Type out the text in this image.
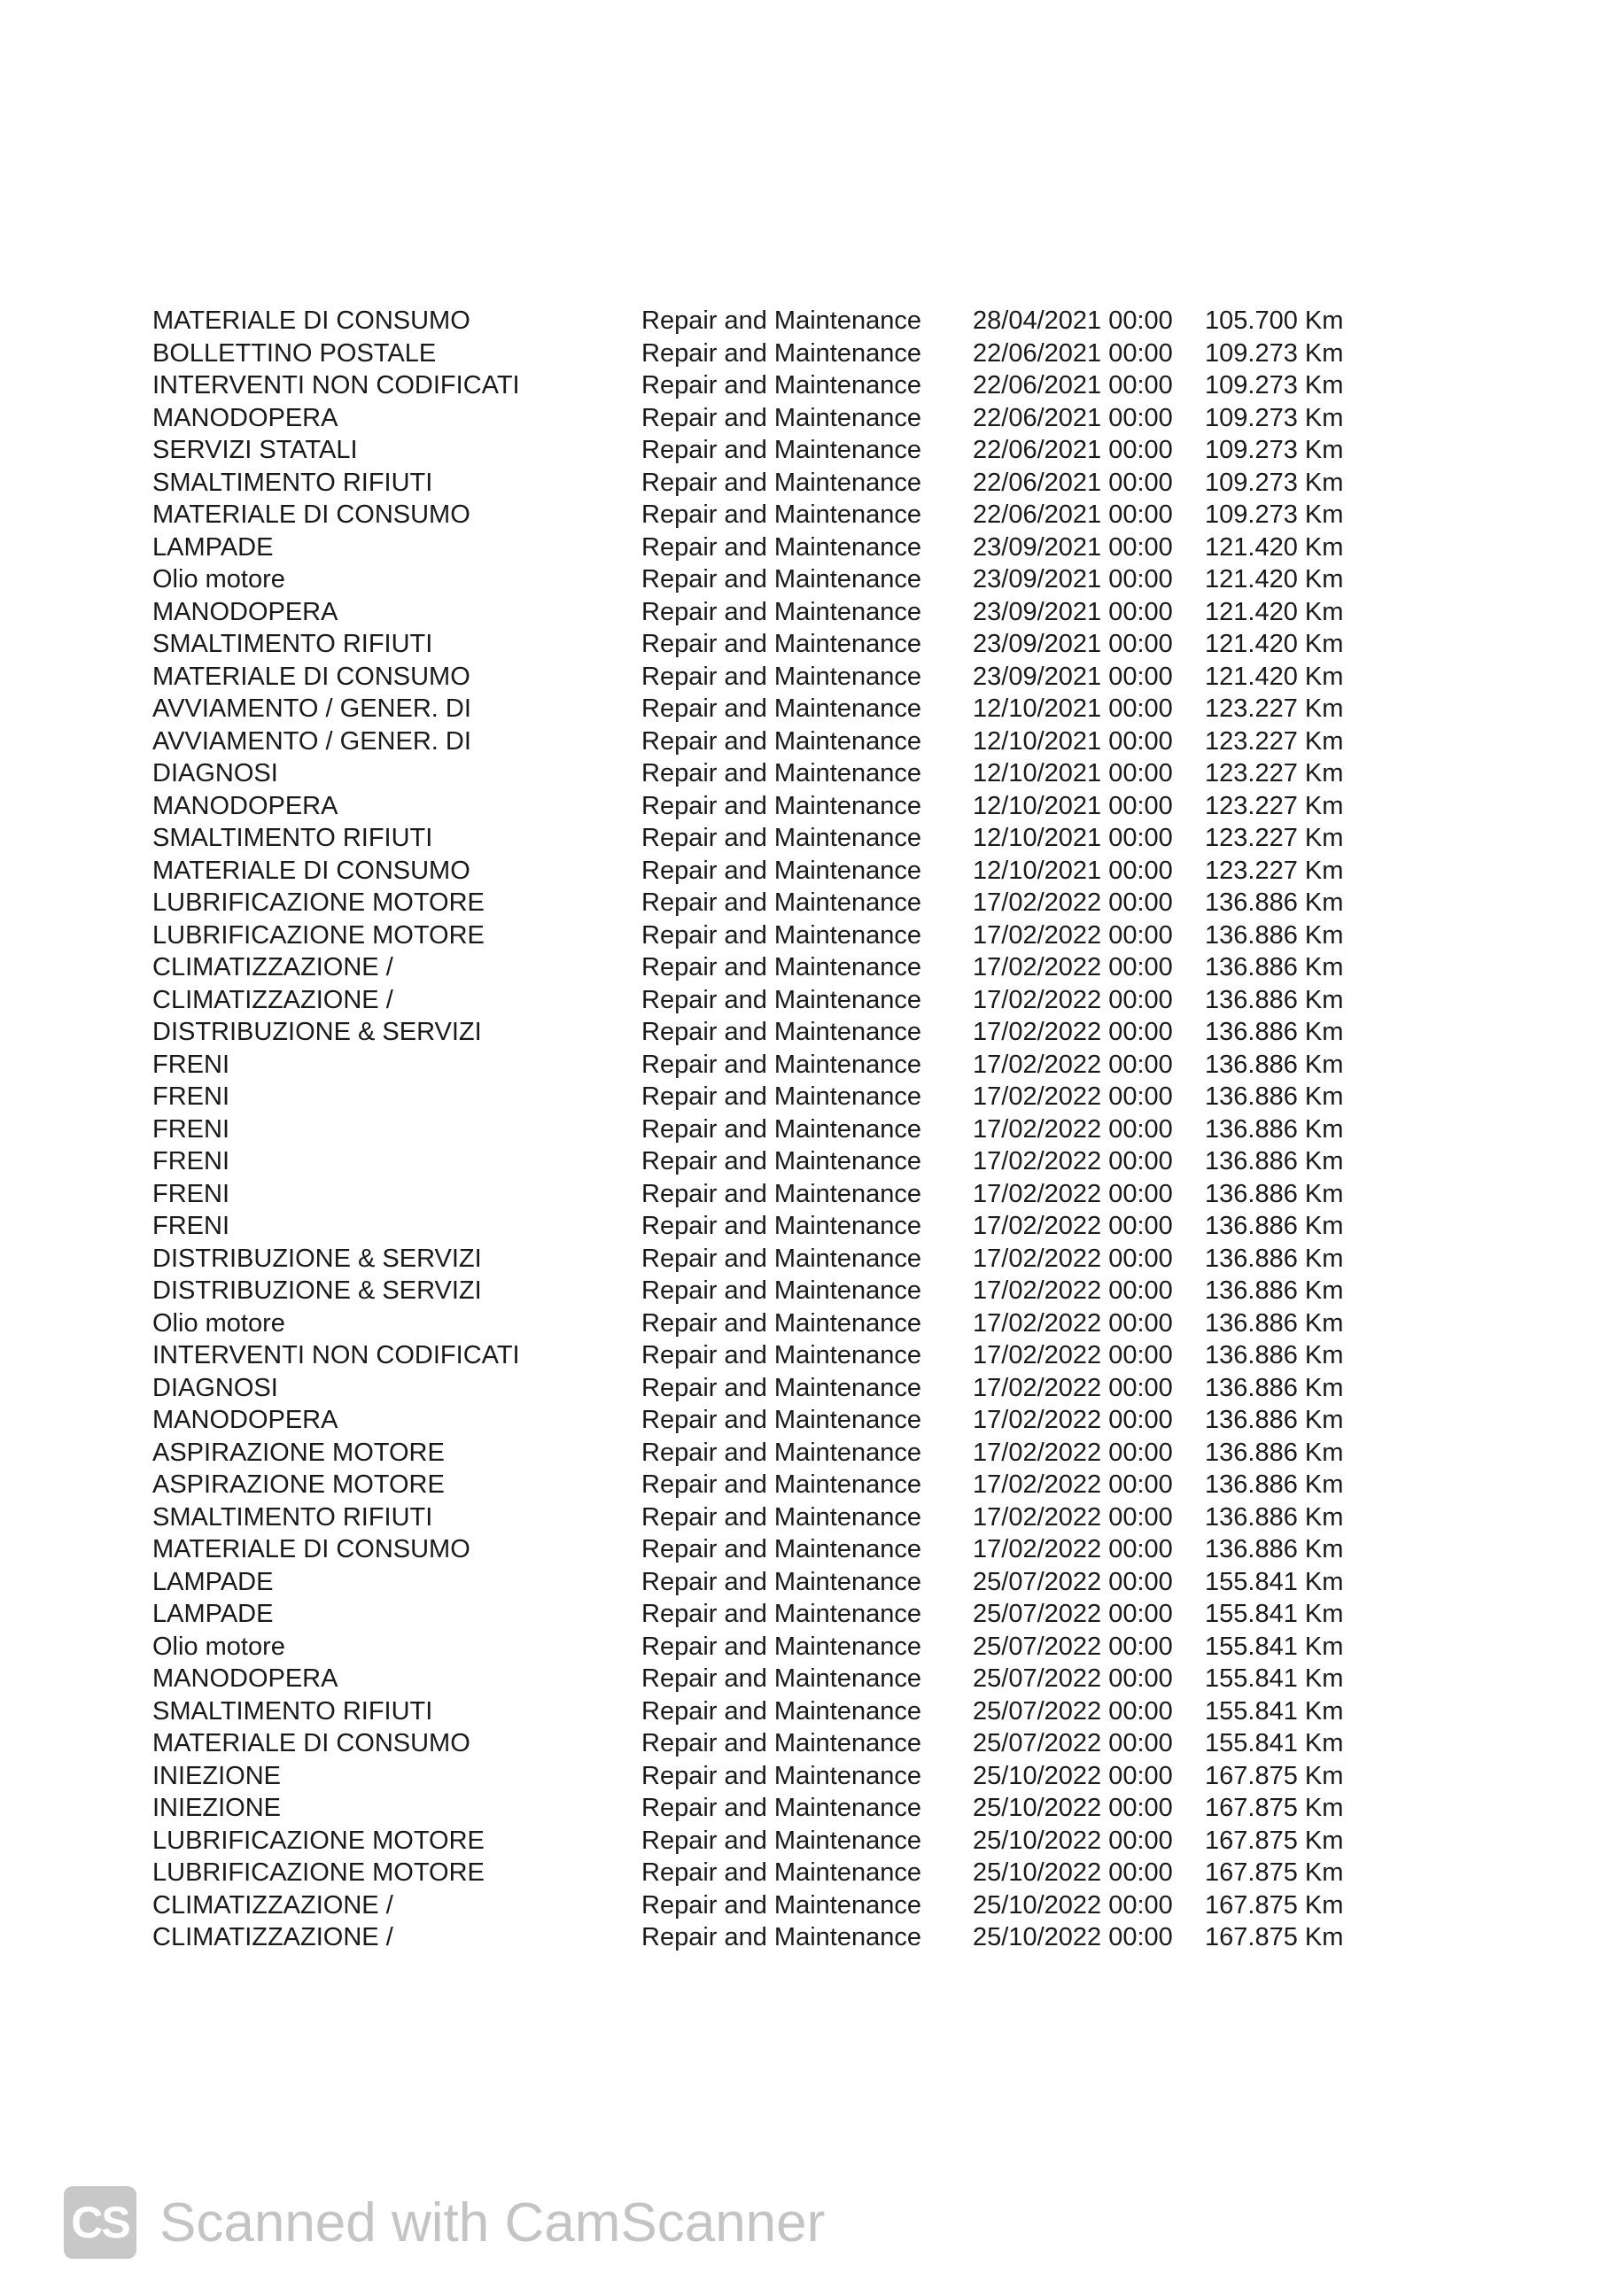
MATERIALE DI CONSUMO	Repair and Maintenance	28/04/2021 00:00	105.700 Km
BOLLETTINO POSTALE	Repair and Maintenance	22/06/2021 00:00	109.273 Km
INTERVENTI NON CODIFICATI	Repair and Maintenance	22/06/2021 00:00	109.273 Km
MANODOPERA	Repair and Maintenance	22/06/2021 00:00	109.273 Km
SERVIZI STATALI	Repair and Maintenance	22/06/2021 00:00	109.273 Km
SMALTIMENTO RIFIUTI	Repair and Maintenance	22/06/2021 00:00	109.273 Km
MATERIALE DI CONSUMO	Repair and Maintenance	22/06/2021 00:00	109.273 Km
LAMPADE	Repair and Maintenance	23/09/2021 00:00	121.420 Km
Olio motore	Repair and Maintenance	23/09/2021 00:00	121.420 Km
MANODOPERA	Repair and Maintenance	23/09/2021 00:00	121.420 Km
SMALTIMENTO RIFIUTI	Repair and Maintenance	23/09/2021 00:00	121.420 Km
MATERIALE DI CONSUMO	Repair and Maintenance	23/09/2021 00:00	121.420 Km
AVVIAMENTO / GENER. DI	Repair and Maintenance	12/10/2021 00:00	123.227 Km
AVVIAMENTO / GENER. DI	Repair and Maintenance	12/10/2021 00:00	123.227 Km
DIAGNOSI	Repair and Maintenance	12/10/2021 00:00	123.227 Km
MANODOPERA	Repair and Maintenance	12/10/2021 00:00	123.227 Km
SMALTIMENTO RIFIUTI	Repair and Maintenance	12/10/2021 00:00	123.227 Km
MATERIALE DI CONSUMO	Repair and Maintenance	12/10/2021 00:00	123.227 Km
LUBRIFICAZIONE MOTORE	Repair and Maintenance	17/02/2022 00:00	136.886 Km
LUBRIFICAZIONE MOTORE	Repair and Maintenance	17/02/2022 00:00	136.886 Km
CLIMATIZZAZIONE /	Repair and Maintenance	17/02/2022 00:00	136.886 Km
CLIMATIZZAZIONE /	Repair and Maintenance	17/02/2022 00:00	136.886 Km
DISTRIBUZIONE & SERVIZI	Repair and Maintenance	17/02/2022 00:00	136.886 Km
FRENI	Repair and Maintenance	17/02/2022 00:00	136.886 Km
FRENI	Repair and Maintenance	17/02/2022 00:00	136.886 Km
FRENI	Repair and Maintenance	17/02/2022 00:00	136.886 Km
FRENI	Repair and Maintenance	17/02/2022 00:00	136.886 Km
FRENI	Repair and Maintenance	17/02/2022 00:00	136.886 Km
FRENI	Repair and Maintenance	17/02/2022 00:00	136.886 Km
DISTRIBUZIONE & SERVIZI	Repair and Maintenance	17/02/2022 00:00	136.886 Km
DISTRIBUZIONE & SERVIZI	Repair and Maintenance	17/02/2022 00:00	136.886 Km
Olio motore	Repair and Maintenance	17/02/2022 00:00	136.886 Km
INTERVENTI NON CODIFICATI	Repair and Maintenance	17/02/2022 00:00	136.886 Km
DIAGNOSI	Repair and Maintenance	17/02/2022 00:00	136.886 Km
MANODOPERA	Repair and Maintenance	17/02/2022 00:00	136.886 Km
ASPIRAZIONE MOTORE	Repair and Maintenance	17/02/2022 00:00	136.886 Km
ASPIRAZIONE MOTORE	Repair and Maintenance	17/02/2022 00:00	136.886 Km
SMALTIMENTO RIFIUTI	Repair and Maintenance	17/02/2022 00:00	136.886 Km
MATERIALE DI CONSUMO	Repair and Maintenance	17/02/2022 00:00	136.886 Km
LAMPADE	Repair and Maintenance	25/07/2022 00:00	155.841 Km
LAMPADE	Repair and Maintenance	25/07/2022 00:00	155.841 Km
Olio motore	Repair and Maintenance	25/07/2022 00:00	155.841 Km
MANODOPERA	Repair and Maintenance	25/07/2022 00:00	155.841 Km
SMALTIMENTO RIFIUTI	Repair and Maintenance	25/07/2022 00:00	155.841 Km
MATERIALE DI CONSUMO	Repair and Maintenance	25/07/2022 00:00	155.841 Km
INIEZIONE	Repair and Maintenance	25/10/2022 00:00	167.875 Km
INIEZIONE	Repair and Maintenance	25/10/2022 00:00	167.875 Km
LUBRIFICAZIONE MOTORE	Repair and Maintenance	25/10/2022 00:00	167.875 Km
LUBRIFICAZIONE MOTORE	Repair and Maintenance	25/10/2022 00:00	167.875 Km
CLIMATIZZAZIONE /	Repair and Maintenance	25/10/2022 00:00	167.875 Km
CLIMATIZZAZIONE /	Repair and Maintenance	25/10/2022 00:00	167.875 Km
CS Scanned with CamScanner
